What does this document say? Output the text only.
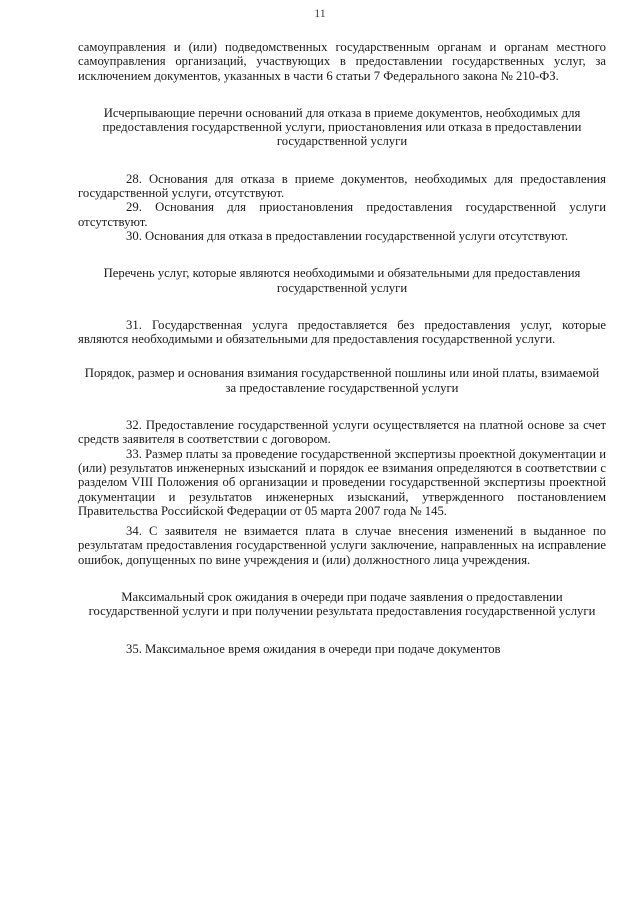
11

самоуправления и (или) подведомственных государственным органам и органам местного самоуправления организаций, участвующих в предоставлении государственных услуг, за исключением документов, указанных в части 6 статьи 7 Федерального закона № 210-ФЗ.

Исчерпывающие перечни оснований для отказа в приеме документов, необходимых для предоставления государственной услуги, приостановления или отказа в предоставлении государственной услуги

28. Основания для отказа в приеме документов, необходимых для предоставления государственной услуги, отсутствуют.

29. Основания для приостановления предоставления государственной услуги отсутствуют.

30. Основания для отказа в предоставлении государственной услуги отсутствуют.

Перечень услуг, которые являются необходимыми и обязательными для предоставления государственной услуги

31. Государственная услуга предоставляется без предоставления услуг, которые являются необходимыми и обязательными для предоставления государственной услуги.

Порядок, размер и основания взимания государственной пошлины или иной платы, взимаемой за предоставление государственной услуги

32. Предоставление государственной услуги осуществляется на платной основе за счет средств заявителя в соответствии с договором.

33. Размер платы за проведение государственной экспертизы проектной документации и (или) результатов инженерных изысканий и порядок ее взимания определяются в соответствии с разделом VIII Положения об организации и проведении государственной экспертизы проектной документации и результатов инженерных изысканий, утвержденного постановлением Правительства Российской Федерации от 05 марта 2007 года № 145.

34. С заявителя не взимается плата в случае внесения изменений в выданное по результатам предоставления государственной услуги заключение, направленных на исправление ошибок, допущенных по вине учреждения и (или) должностного лица учреждения.

Максимальный срок ожидания в очереди при подаче заявления о предоставлении государственной услуги и при получении результата предоставления государственной услуги

35. Максимальное время ожидания в очереди при подаче документов
